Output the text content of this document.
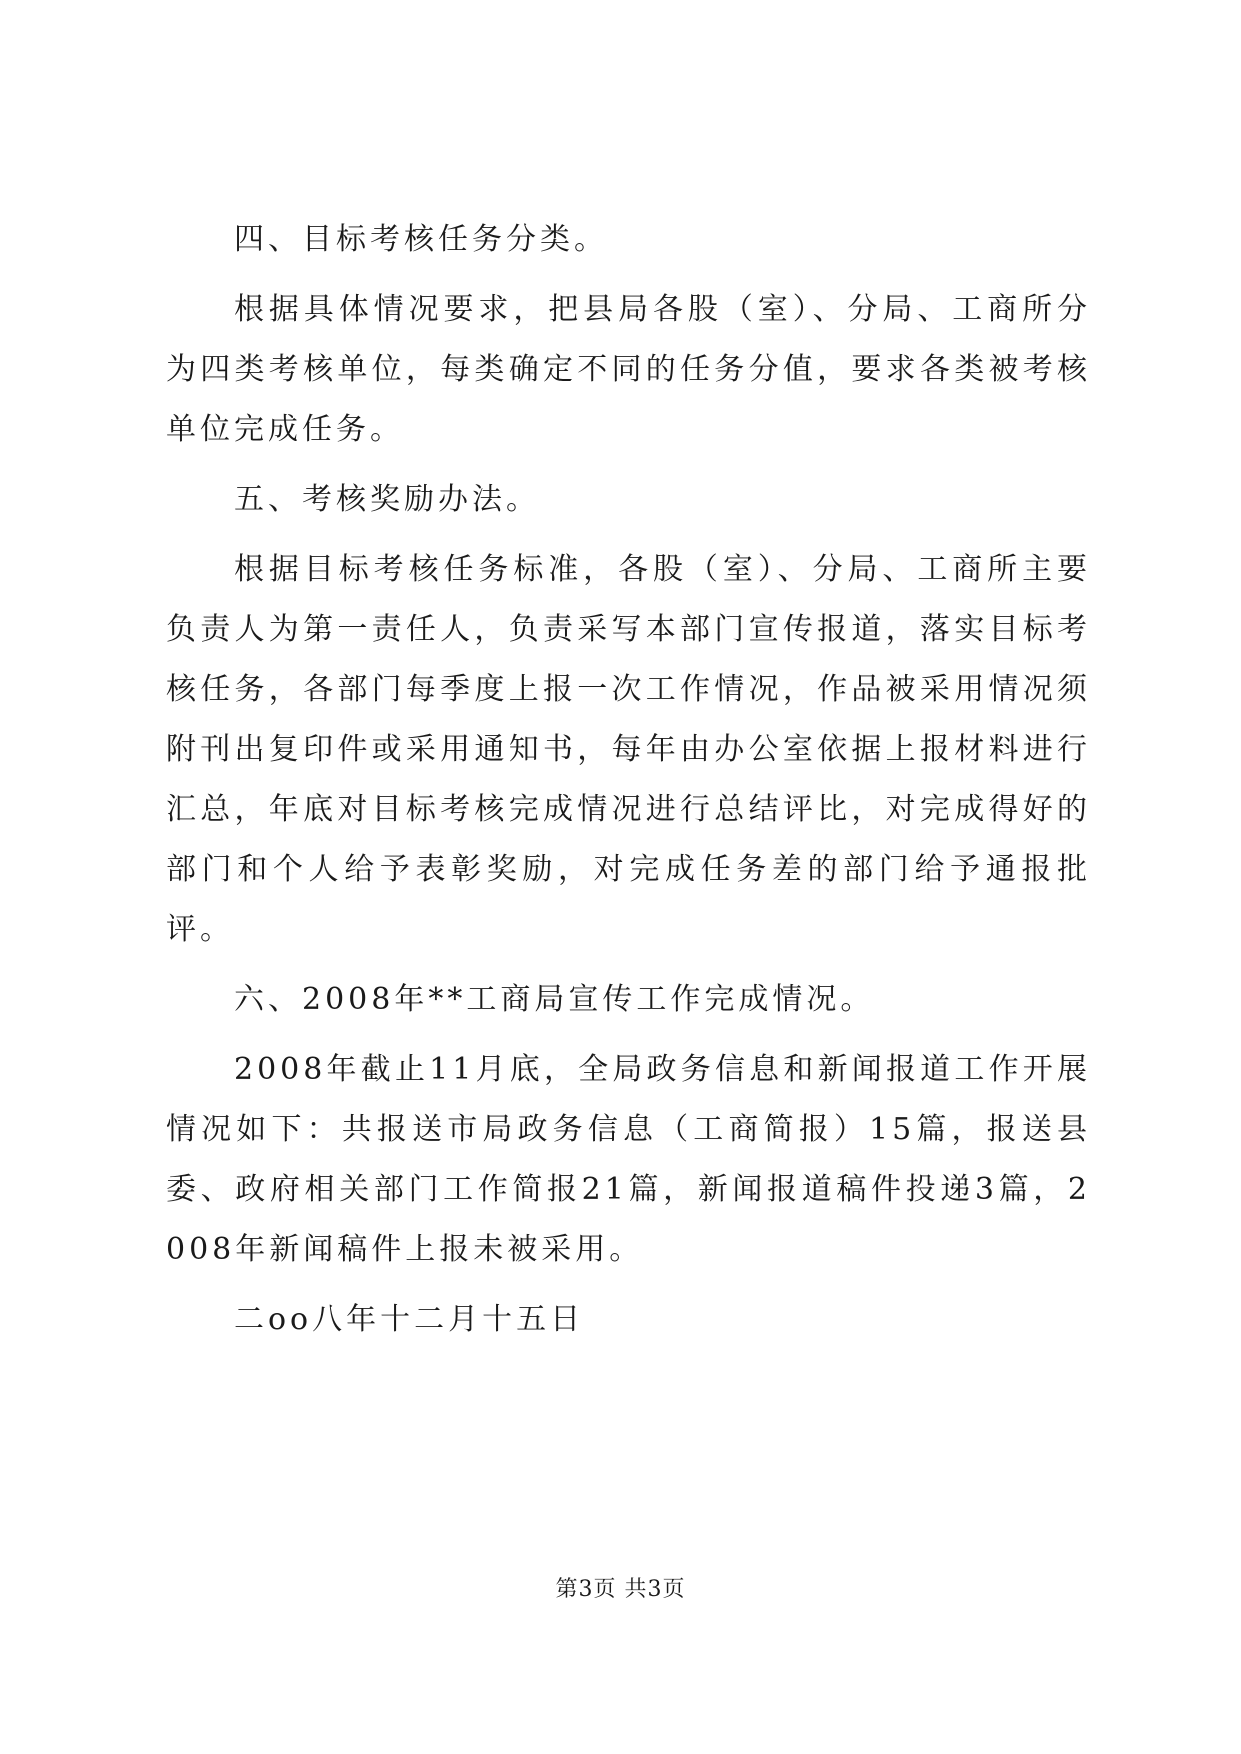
四、目标考核任务分类。

根据具体情况要求，把县局各股（室）、分局、工商所分为四类考核单位，每类确定不同的任务分值，要求各类被考核单位完成任务。

五、考核奖励办法。

根据目标考核任务标准，各股（室）、分局、工商所主要负责人为第一责任人，负责采写本部门宣传报道，落实目标考核任务，各部门每季度上报一次工作情况，作品被采用情况须附刊出复印件或采用通知书，每年由办公室依据上报材料进行汇总，年底对目标考核完成情况进行总结评比，对完成得好的部门和个人给予表彰奖励，对完成任务差的部门给予通报批评。

六、2008年**工商局宣传工作完成情况。

2008年截止11月底，全局政务信息和新闻报道工作开展情况如下：共报送市局政务信息（工商简报）15篇，报送县委、政府相关部门工作简报21篇，新闻报道稿件投递3篇，2008年新闻稿件上报未被采用。

二oo八年十二月十五日

第3页 共3页
